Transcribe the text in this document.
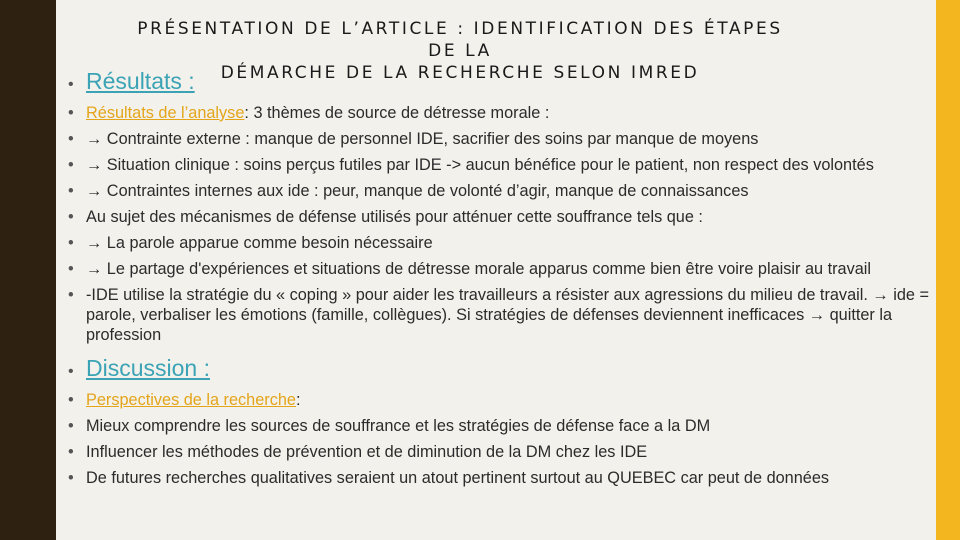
PRÉSENTATION DE L’ARTICLE : IDENTIFICATION DES ÉTAPES DE LA
DÉMARCHE DE LA RECHERCHE SELON IMRED
• Résultats :
• Résultats de l’analyse: 3 thèmes de source de détresse morale :
• → Contrainte externe : manque de personnel IDE, sacrifier des soins par manque de moyens
• → Situation clinique : soins perçus futiles par IDE -> aucun bénéfice pour le patient, non respect des volontés
• → Contraintes internes aux ide : peur, manque de volonté d’agir, manque de connaissances
• Au sujet des mécanismes de défense utilisés pour atténuer cette souffrance tels que :
• → La parole apparue comme besoin nécessaire
• → Le partage d'expériences et situations de détresse morale apparus comme bien être voire plaisir au travail
• -IDE utilise la stratégie du « coping » pour aider les travailleurs a résister aux agressions du milieu de travail. → ide = parole, verbaliser les émotions (famille, collègues). Si stratégies de défenses deviennent inefficaces → quitter la profession
• Discussion :
• Perspectives de la recherche:
• Mieux comprendre les sources de souffrance et les stratégies de défense face a la DM
• Influencer les méthodes de prévention et de diminution de la DM chez les IDE
• De futures recherches qualitatives seraient un atout pertinent surtout au QUEBEC car peut de données
